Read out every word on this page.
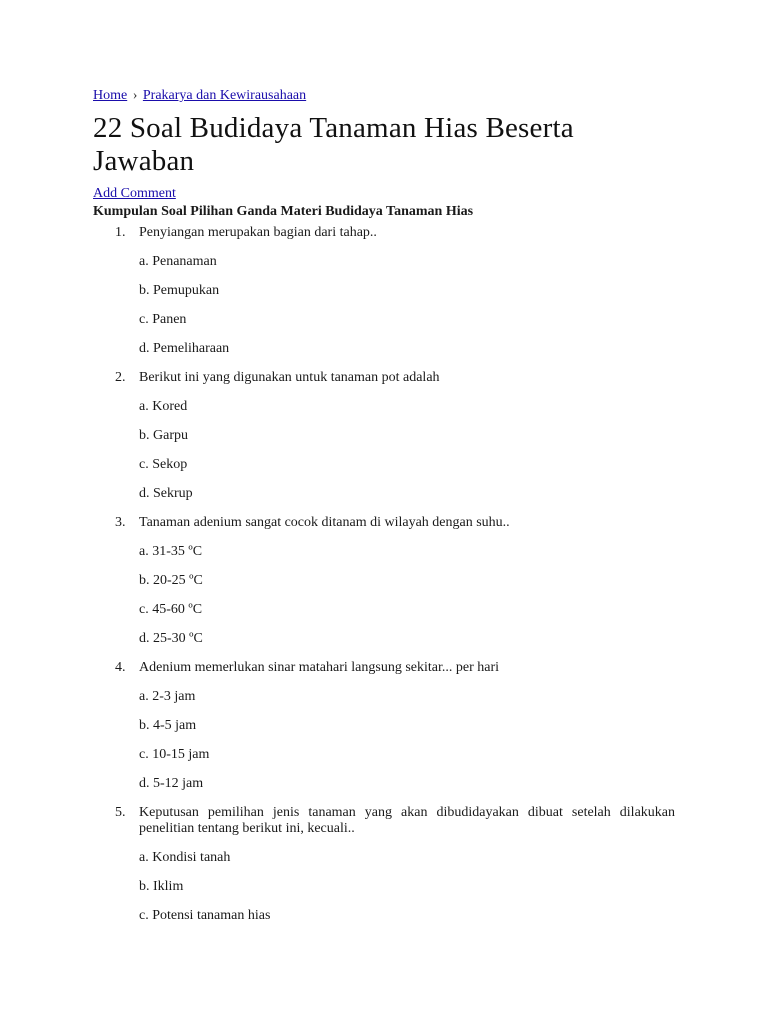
Home › Prakarya dan Kewirausahaan
22 Soal Budidaya Tanaman Hias Beserta Jawaban
Add Comment
Kumpulan Soal Pilihan Ganda Materi Budidaya Tanaman Hias
1. Penyiangan merupakan bagian dari tahap..

a. Penanaman

b. Pemupukan

c. Panen

d. Pemeliharaan

2. Berikut ini yang digunakan untuk tanaman pot adalah

a. Kored

b. Garpu

c. Sekop

d. Sekrup

3. Tanaman adenium sangat cocok ditanam di wilayah dengan suhu..

a. 31-35 ºC

b. 20-25 ºC

c. 45-60 ºC

d. 25-30 ºC

4. Adenium memerlukan sinar matahari langsung sekitar... per hari

a. 2-3 jam

b. 4-5 jam

c. 10-15 jam

d. 5-12 jam

5. Keputusan pemilihan jenis tanaman yang akan dibudidayakan dibuat setelah dilakukan penelitian tentang berikut ini, kecuali..

a. Kondisi tanah

b. Iklim

c. Potensi tanaman hias
